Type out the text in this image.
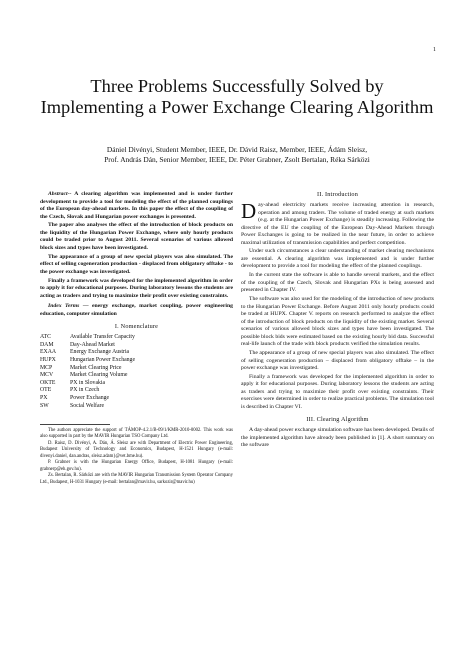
1
Three Problems Successfully Solved by Implementing a Power Exchange Clearing Algorithm
Dániel Divényi, Student Member, IEEE, Dr. Dávid Raisz, Member, IEEE, Ádám Sleisz,
Prof. András Dán, Senior Member, IEEE, Dr. Péter Grabner, Zsolt Bertalan, Réka Sárközi

Abstract-- A clearing algorithm was implemented and is under further development to provide a tool for modeling the effect of the planned couplings of the European day-ahead markets. In this paper the effect of the coupling of the Czech, Slovak and Hungarian power exchanges is presented.

The paper also analyses the effect of the introduction of block products on the liquidity of the Hungarian Power Exchange, where only hourly products could be traded prior to August 2011. Several scenarios of various allowed block sizes and types have been investigated.

The appearance of a group of new special players was also simulated. The effect of selling cogeneration production - displaced from obligatory offtake - to the power exchange was investigated.

Finally a framework was developed for the implemented algorithm in order to apply it for educational purposes. During laboratory lessons the students are acting as traders and trying to maximize their profit over existing constraints.

Index Terms — energy exchange, market coupling, power engineering education, computer simulation

I. Nomenclature
ATC	Available Transfer Capacity
DAM	Day-Ahead Market
EXAA	Energy Exchange Austria
HUPX	Hungarian Power Exchange
MCP	Market Clearing Price
MCV	Market Clearing Volume
OKTE	PX in Slovakia
OTE	PX in Czech
PX	Power Exchange
SW	Social Welfare

The authors appreciate the support of TÁMOP-4.2.1/B-09/1/KMR-2010-0002. This work was also supported in part by the MAVIR Hungarian TSO Company Ltd.

D. Raisz, D. Divényi, A. Dán, Á. Sleisz are with Department of Electric Power Engineering, Budapest University of Technology and Economics, Budapest, H-1521 Hungary (e-mail: divenyi.daniel, dan.andras, sleisz.adam}@vet.bme.hu).

P. Grabner is with the Hungarian Energy Office, Budapest, H-1081 Hungary (e-mail: grabnerp@eh.gov.hu).

Zs. Bertalan, R. Sárközi are with the MAVIR Hungarian Transmission System Operator Company Ltd., Budapest, H-1031 Hungary (e-mail: bertalan@mavir.hu, sarkozir@mavir.hu)

II. Introduction

Day-ahead electricity markets receive increasing attention in research, operation and among traders. The volume of traded energy at such markets (e.g. at the Hungarian Power Exchange) is steadily increasing. Following the directive of the EU the coupling of the European Day-Ahead Markets through Power Exchanges is going to be realized in the near future, in order to achieve maximal utilization of transmission capabilities and perfect competition.

Under such circumstances a clear understanding of market clearing mechanisms are essential. A clearing algorithm was implemented and is under further development to provide a tool for modeling the effect of the planned couplings.

In the current state the software is able to handle several markets, and the effect of the coupling of the Czech, Slovak and Hungarian PXs is being assessed and presented in Chapter IV.

The software was also used for the modeling of the introduction of new products to the Hungarian Power Exchange. Before August 2011 only hourly products could be traded at HUPX. Chapter V. reports on research performed to analyze the effect of the introduction of block products on the liquidity of the existing market. Several scenarios of various allowed block sizes and types have been investigated. The possible block bids were estimated based on the existing hourly bid data. Successful real-life launch of the trade with block products verified the simulation results.

The appearance of a group of new special players was also simulated. The effect of selling cogeneration production – displaced from obligatory offtake – in the power exchange was investigated.

Finally a framework was developed for the implemented algorithm in order to apply it for educational purposes. During laboratory lessons the students are acting as traders and trying to maximize their profit over existing constraints. Their exercises were determined in order to realize practical problems. The simulation tool is described in Chapter VI.

III. Clearing Algorithm

A day-ahead power exchange simulation software has been developed. Details of the implemented algorithm have already been published in [1]. A short summary on the software
